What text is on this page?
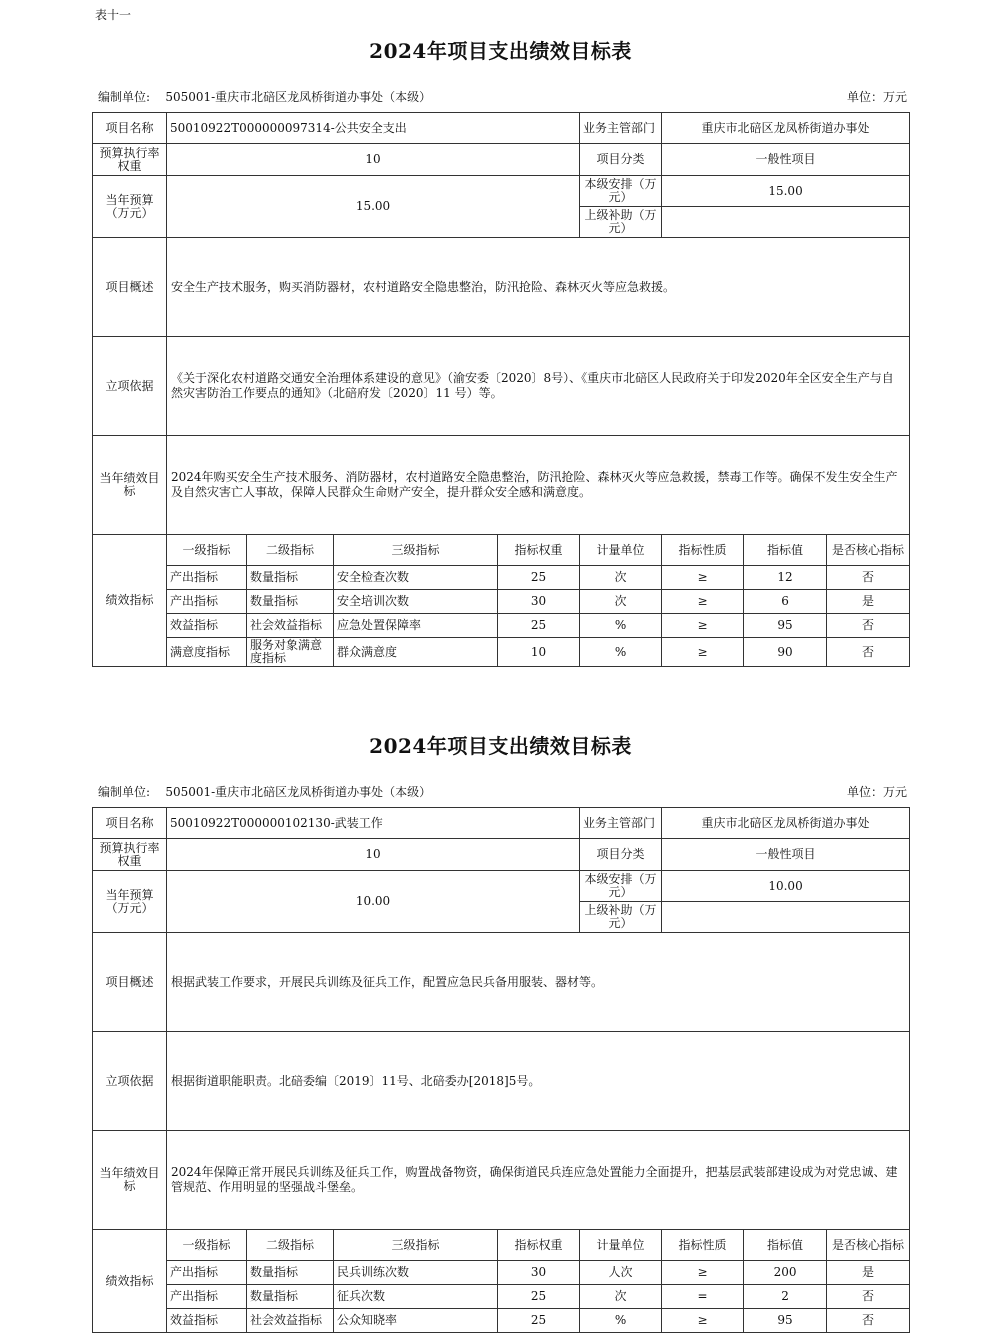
表十一
2024年项目支出绩效目标表
编制单位: 505001-重庆市北碚区龙凤桥街道办事处（本级）	单位：万元
项目名称	50010922T000000097314-公共安全支出				业务主管部门	重庆市北碚区龙凤桥街道办事处		
预算执行率权重	10				项目分类	一般性项目		
当年预算（万元）	15.00				本级安排（万元）	15.00		
					上级补助（万元）			
项目概述	安全生产技术服务，购买消防器材，农村道路安全隐患整治，防汛抢险、森林灭火等应急救援。							
立项依据	《关于深化农村道路交通安全治理体系建设的意见》（渝安委〔2020〕8号）、《重庆市北碚区人民政府关于印发2020年全区安全生产与自然灾害防治工作要点的通知》（北碚府发〔2020〕11 号）等。							
当年绩效目标	2024年购买安全生产技术服务、消防器材，农村道路安全隐患整治，防汛抢险、森林灭火等应急救援，禁毒工作等。确保不发生安全生产及自然灾害亡人事故，保障人民群众生命财产安全，提升群众安全感和满意度。							
绩效指标	一级指标	二级指标	三级指标	指标权重	计量单位	指标性质	指标值	是否核心指标
	产出指标	数量指标	安全检查次数	25	次	≥	12	否
	产出指标	数量指标	安全培训次数	30	次	≥	6	是
	效益指标	社会效益指标	应急处置保障率	25	%	≥	95	否
	满意度指标	服务对象满意度指标	群众满意度	10	%	≥	90	否
2024年项目支出绩效目标表
编制单位: 505001-重庆市北碚区龙凤桥街道办事处（本级）	单位：万元
项目名称	50010922T000000102130-武装工作				业务主管部门	重庆市北碚区龙凤桥街道办事处		
预算执行率权重	10				项目分类	一般性项目		
当年预算（万元）	10.00				本级安排（万元）	10.00		
					上级补助（万元）			
项目概述	根据武装工作要求，开展民兵训练及征兵工作，配置应急民兵备用服装、器材等。							
立项依据	根据街道职能职责。北碚委编〔2019〕11号、北碚委办[2018]5号。							
当年绩效目标	2024年保障正常开展民兵训练及征兵工作，购置战备物资，确保街道民兵连应急处置能力全面提升，把基层武装部建设成为对党忠诚、建管规范、作用明显的坚强战斗堡垒。							
绩效指标	一级指标	二级指标	三级指标	指标权重	计量单位	指标性质	指标值	是否核心指标
	产出指标	数量指标	民兵训练次数	30	人次	≥	200	是
	产出指标	数量指标	征兵次数	25	次	=	2	否
	效益指标	社会效益指标	公众知晓率	25	%	≥	95	否
